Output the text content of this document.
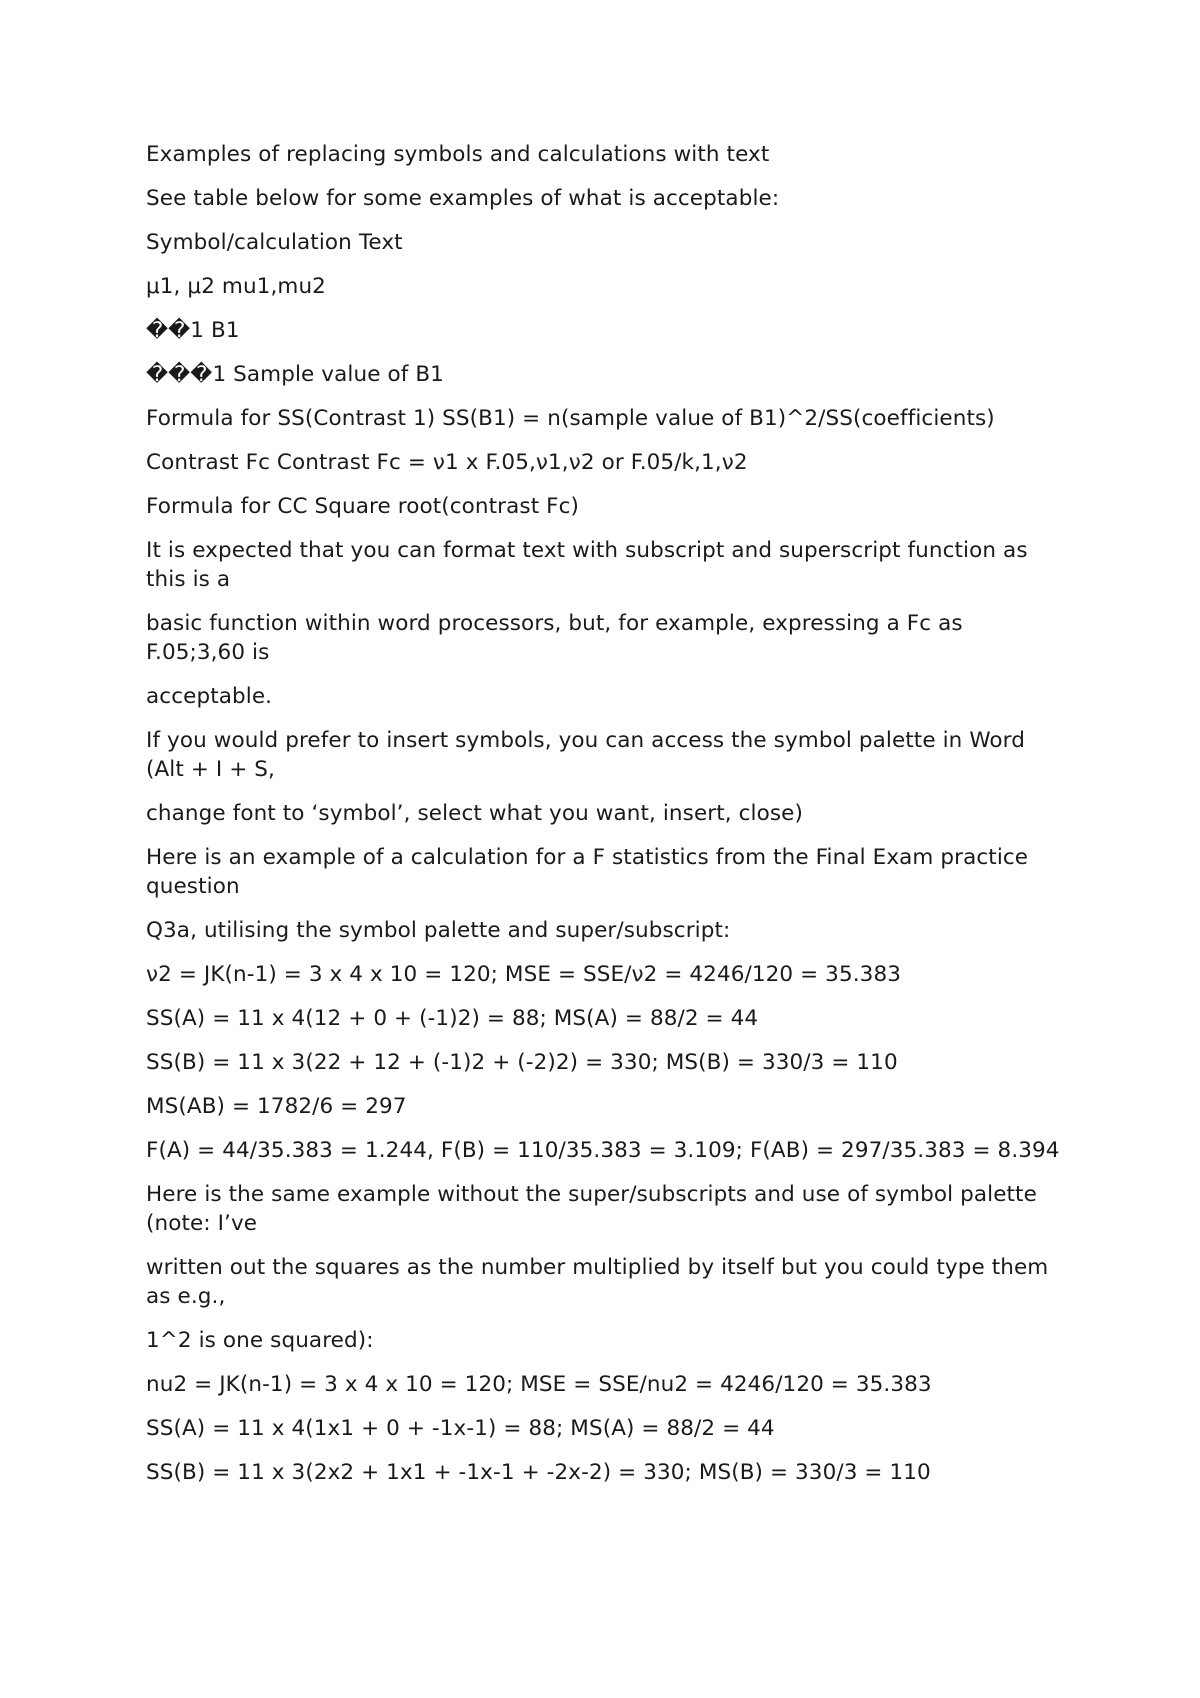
Examples of replacing symbols and calculations with text

See table below for some examples of what is acceptable:

Symbol/calculation Text

μ1, μ2 mu1,mu2

��1 B1

���1 Sample value of B1

Formula for SS(Contrast 1) SS(B1) = n(sample value of B1)^2/SS(coefficients)

Contrast Fc Contrast Fc = ν1 x F.05,ν1,ν2 or F.05/k,1,ν2

Formula for CC Square root(contrast Fc)

It is expected that you can format text with subscript and superscript function as this is a

basic function within word processors, but, for example, expressing a Fc as F.05;3,60 is

acceptable.

If you would prefer to insert symbols, you can access the symbol palette in Word (Alt + I + S,

change font to ‘symbol’, select what you want, insert, close)

Here is an example of a calculation for a F statistics from the Final Exam practice question

Q3a, utilising the symbol palette and super/subscript:

ν2 = JK(n-1) = 3 x 4 x 10 = 120; MSE = SSE/ν2 = 4246/120 = 35.383

SS(A) = 11 x 4(12 + 0 + (-1)2) = 88; MS(A) = 88/2 = 44

SS(B) = 11 x 3(22 + 12 + (-1)2 + (-2)2) = 330; MS(B) = 330/3 = 110

MS(AB) = 1782/6 = 297

F(A) = 44/35.383 = 1.244, F(B) = 110/35.383 = 3.109; F(AB) = 297/35.383 = 8.394

Here is the same example without the super/subscripts and use of symbol palette (note: I’ve

written out the squares as the number multiplied by itself but you could type them as e.g.,

1^2 is one squared):

nu2 = JK(n-1) = 3 x 4 x 10 = 120; MSE = SSE/nu2 = 4246/120 = 35.383

SS(A) = 11 x 4(1x1 + 0 + -1x-1) = 88; MS(A) = 88/2 = 44

SS(B) = 11 x 3(2x2 + 1x1 + -1x-1 + -2x-2) = 330; MS(B) = 330/3 = 110
